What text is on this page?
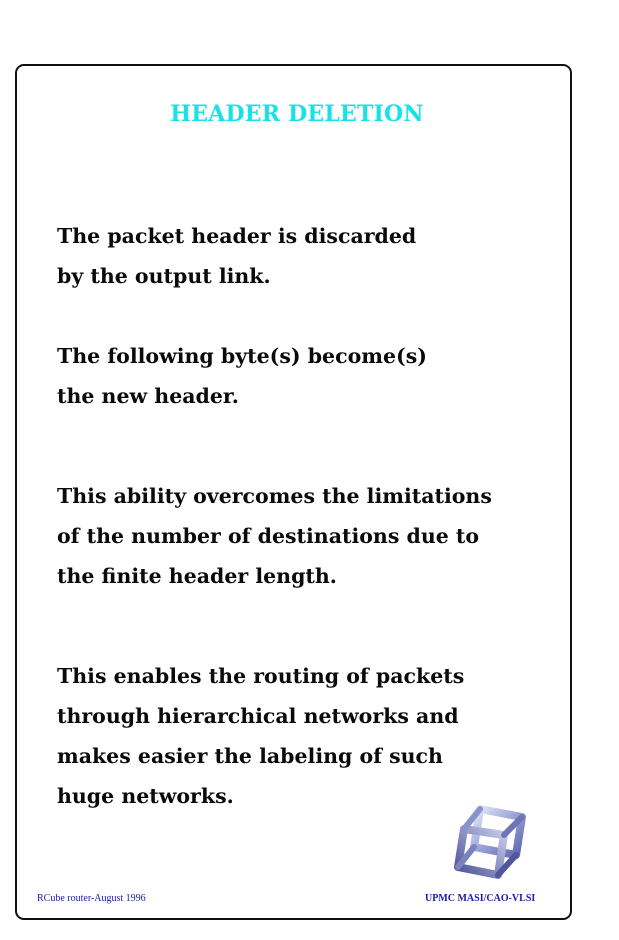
HEADER DELETION

The packet header is discarded
by the output link.

The following byte(s) become(s)
the new header.

This ability overcomes the limitations
of the number of destinations due to
the finite header length.

This enables the routing of packets
through hierarchical networks and
makes easier the labeling of such
huge networks.

RCube router-August 1996	UPMC MASI/CAO-VLSI
